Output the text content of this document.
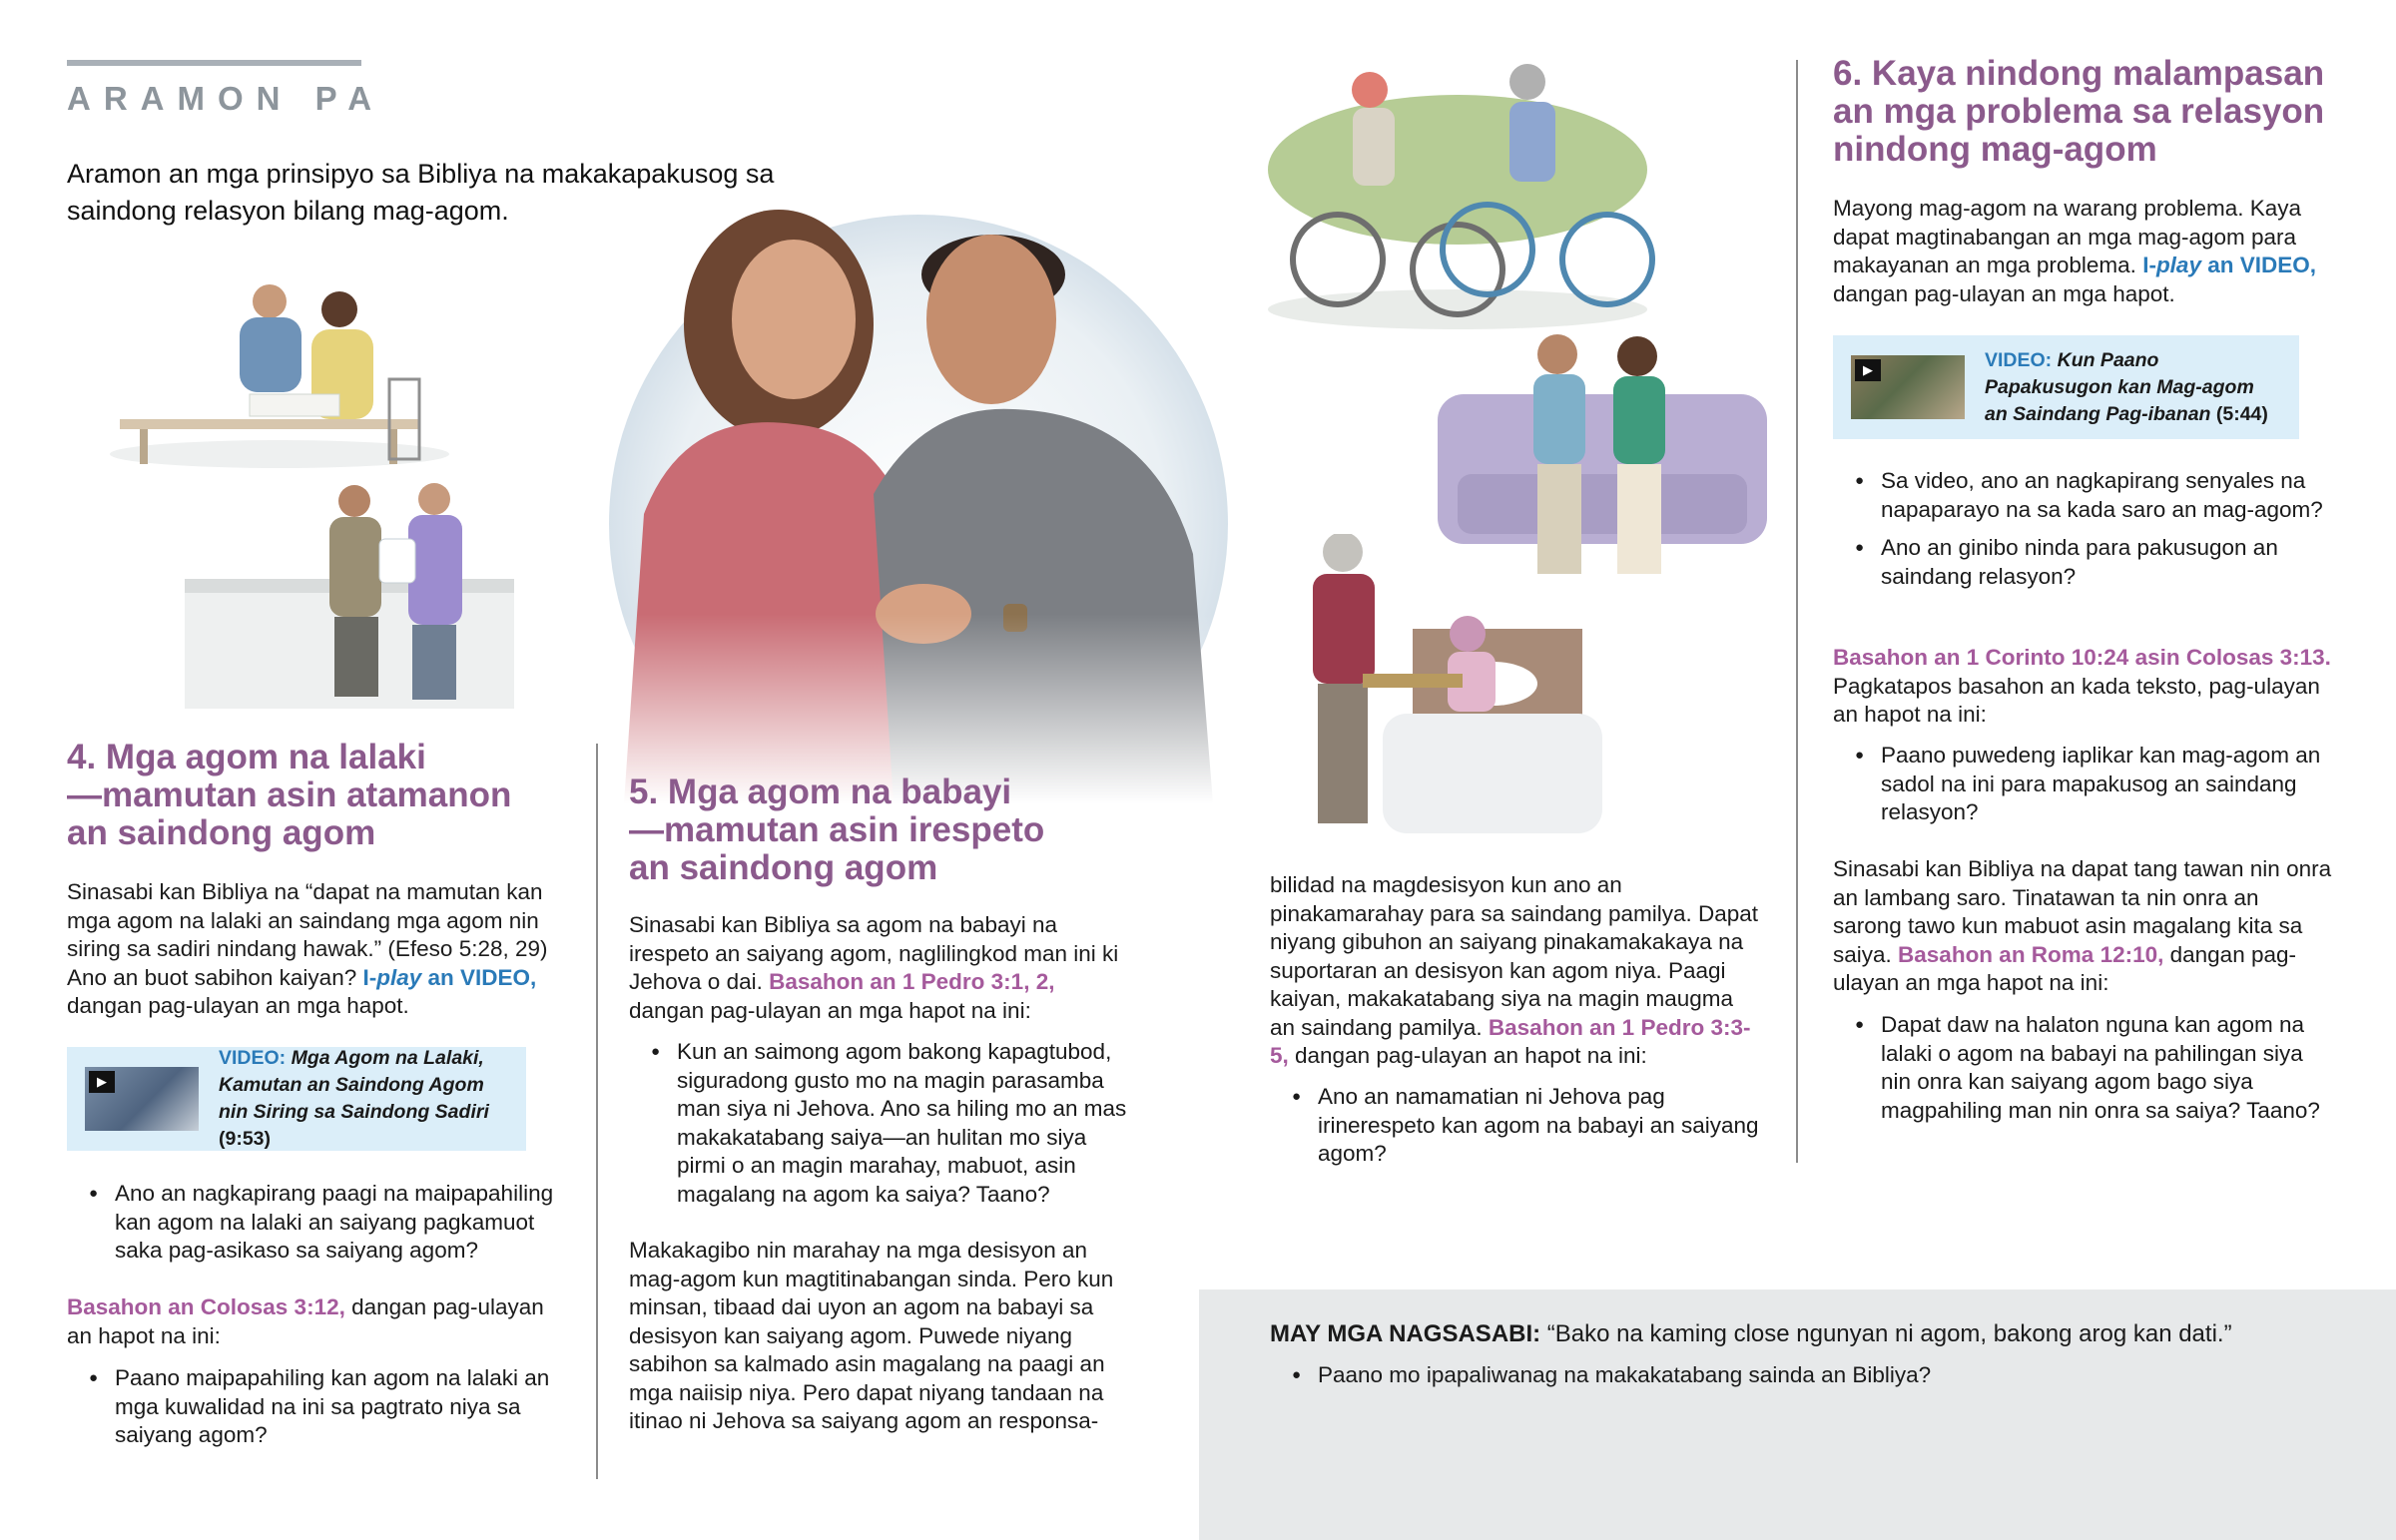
ARAMON PA
Aramon an mga prinsipyo sa Bibliya na makakapakusog sa saindong relasyon bilang mag-agom.
4. Mga agom na lalaki
—mamutan asin atamanon
an saindong agom
Sinasabi kan Bibliya na “dapat na mamutan kan mga agom na lalaki an saindang mga agom nin siring sa sadiri nindang hawak.” (Efeso 5:28, 29) Ano an buot sabihon kaiyan? I-play an VIDEO, dangan pag-ulayan an mga hapot.
▶
VIDEO: Mga Agom na Lalaki, Kamutan an Saindong Agom nin Siring sa Saindong Sadiri (9:53)
● Ano an nagkapirang paagi na maipapahiling kan agom na lalaki an saiyang pagkamuot saka pag-asikaso sa saiyang agom?
Basahon an Colosas 3:12, dangan pag-ulayan an hapot na ini:
● Paano maipapahiling kan agom na lalaki an mga kuwalidad na ini sa pagtrato niya sa saiyang agom?
5. Mga agom na babayi
—mamutan asin irespeto
an saindong agom
Sinasabi kan Bibliya sa agom na babayi na irespeto an saiyang agom, naglilingkod man ini ki Jehova o dai. Basahon an 1 Pedro 3:1, 2, dangan pag-ulayan an mga hapot na ini:
● Kun an saimong agom bakong kapagtubod, siguradong gusto mo na magin parasamba man siya ni Jehova. Ano sa hiling mo an mas makakatabang saiya—an hulitan mo siya pirmi o an magin marahay, mabuot, asin magalang na agom ka saiya? Taano?
Makakagibo nin marahay na mga desisyon an mag-agom kun magtitinabangan sinda. Pero kun minsan, tibaad dai uyon an agom na babayi sa desisyon kan saiyang agom. Puwede niyang sabihon sa kalmado asin magalang na paagi an mga naiisip niya. Pero dapat niyang tandaan na itinao ni Jehova sa saiyang agom an responsa-
bilidad na magdesisyon kun ano an pinakamarahay para sa saindang pamilya. Dapat niyang gibuhon an saiyang pinakamakakaya na suportaran an desisyon kan agom niya. Paagi kaiyan, makakatabang siya na magin maugma an saindang pamilya. Basahon an 1 Pedro 3:3-5, dangan pag-ulayan an hapot na ini:
● Ano an namamatian ni Jehova pag irinerespeto kan agom na babayi an saiyang agom?
6. Kaya nindong malampasan
an mga problema sa relasyon
nindong mag-agom
Mayong mag-agom na warang problema. Kaya dapat magtinabangan an mga mag-agom para makayanan an mga problema. I-play an VIDEO, dangan pag-ulayan an mga hapot.
▶	VIDEO: Kun Paano Papakusugon kan Mag-agom an Saindang Pag-ibanan (5:44)
● Sa video, ano an nagkapirang senyales na napaparayo na sa kada saro an mag-agom?
● Ano an ginibo ninda para pakusugon an saindang relasyon?
Basahon an 1 Corinto 10:24 asin Colosas 3:13. Pagkatapos basahon an kada teksto, pag-ulayan an hapot na ini:
● Paano puwedeng iaplikar kan mag-agom an sadol na ini para mapakusog an saindang relasyon?
Sinasabi kan Bibliya na dapat tang tawan nin onra an lambang saro. Tinatawan ta nin onra an sarong tawo kun mabuot asin magalang kita sa saiya. Basahon an Roma 12:10, dangan pag-ulayan an mga hapot na ini:
● Dapat daw na halaton nguna kan agom na lalaki o agom na babayi na pahilingan siya nin onra kan saiyang agom bago siya magpahiling man nin onra sa saiya? Taano?
MAY MGA NAGSASABI: “Bako na kaming close ngunyan ni agom, bakong arog kan dati.”
● Paano mo ipapaliwanag na makakatabang sainda an Bibliya?
